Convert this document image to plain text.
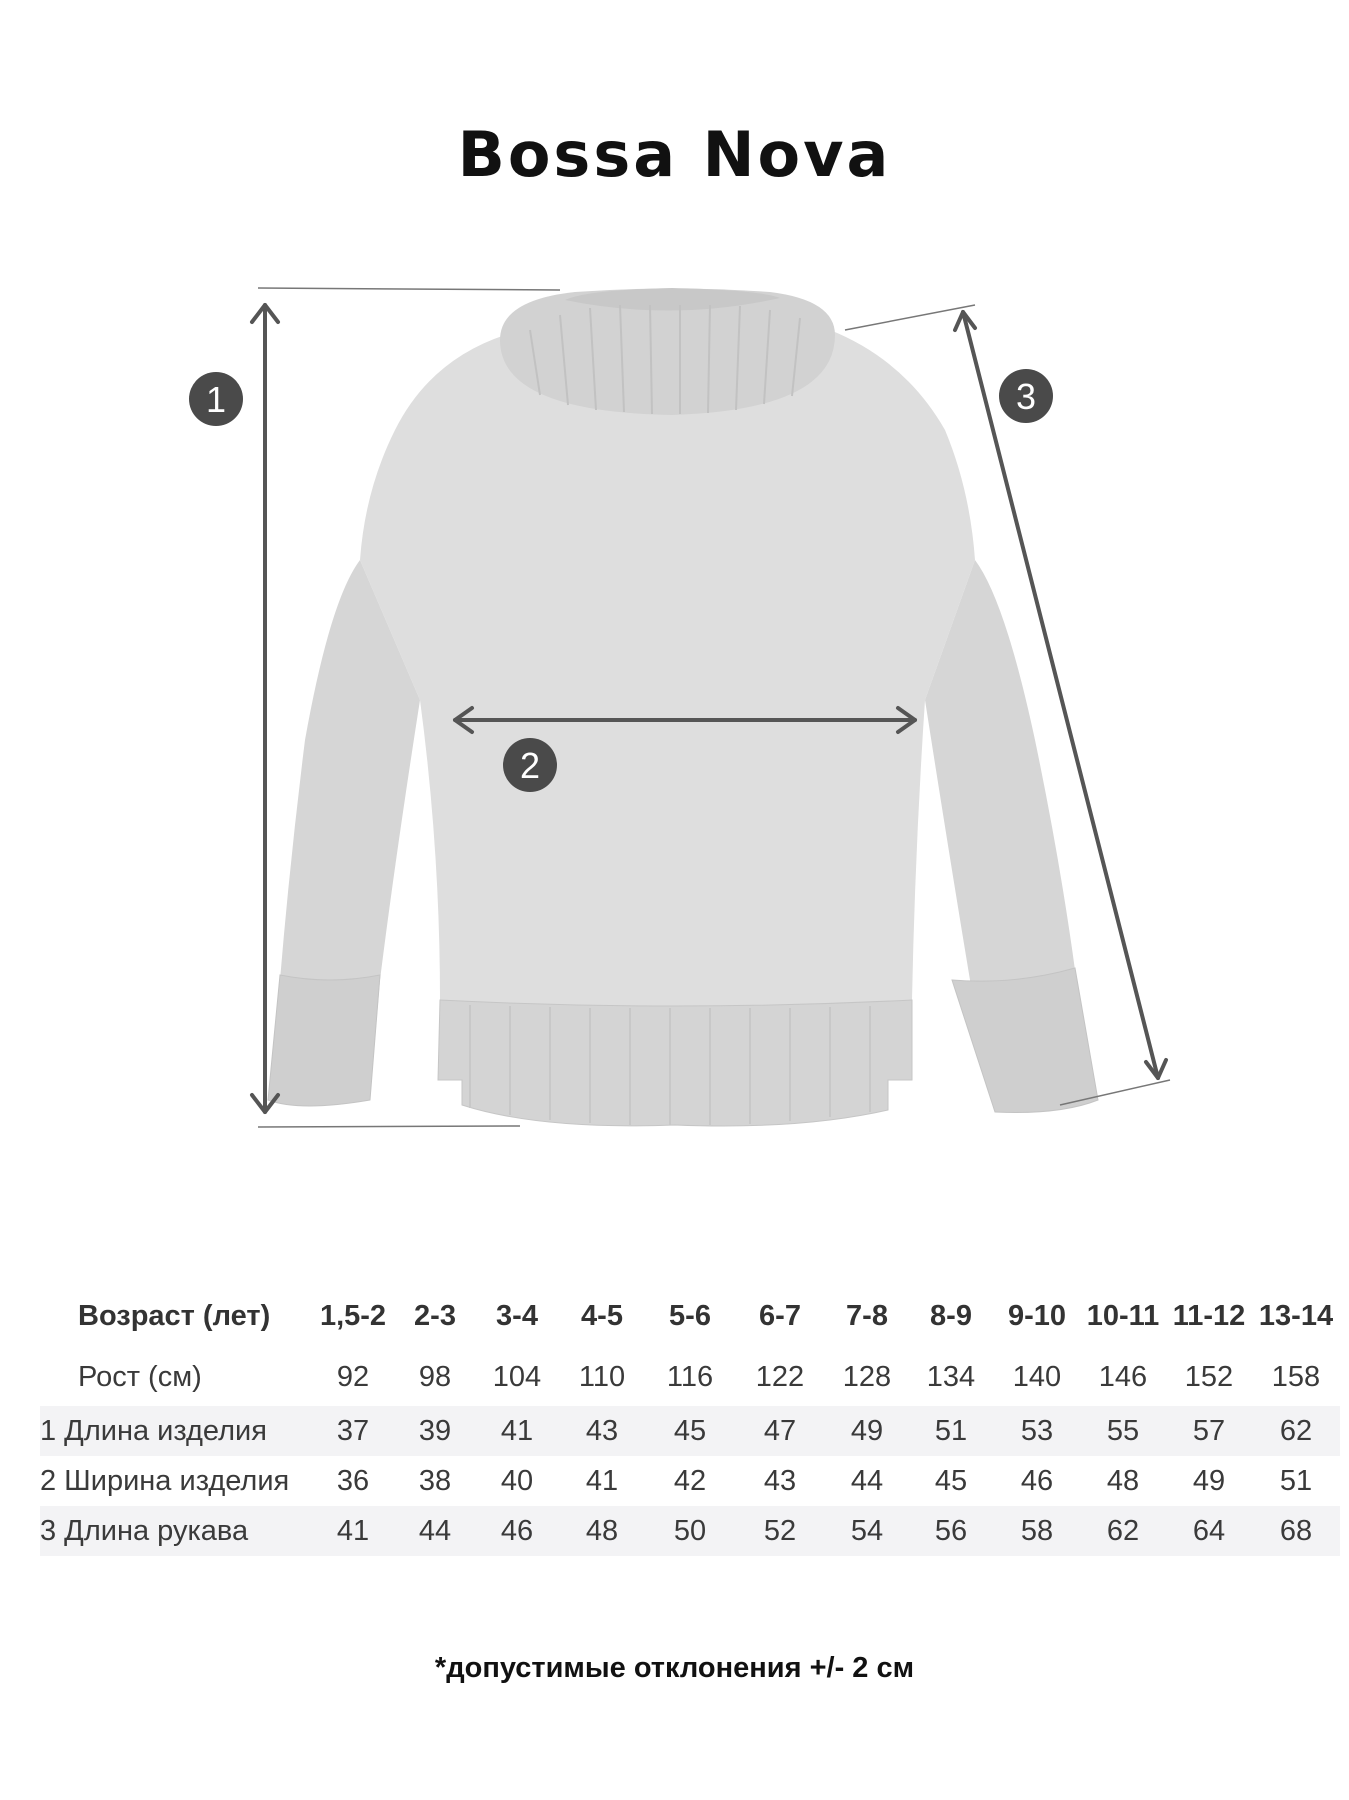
Bossa Nova
1
2
3
Возраст (лет)	1,5-2	2-3	3-4	4-5	5-6	6-7	7-8	8-9	9-10	10-11	11-12	13-14
Рост (см)	92	98	104	110	116	122	128	134	140	146	152	158
1 Длина изделия	37	39	41	43	45	47	49	51	53	55	57	62
2 Ширина изделия	36	38	40	41	42	43	44	45	46	48	49	51
3 Длина рукава	41	44	46	48	50	52	54	56	58	62	64	68
*допустимые отклонения +/- 2 см
